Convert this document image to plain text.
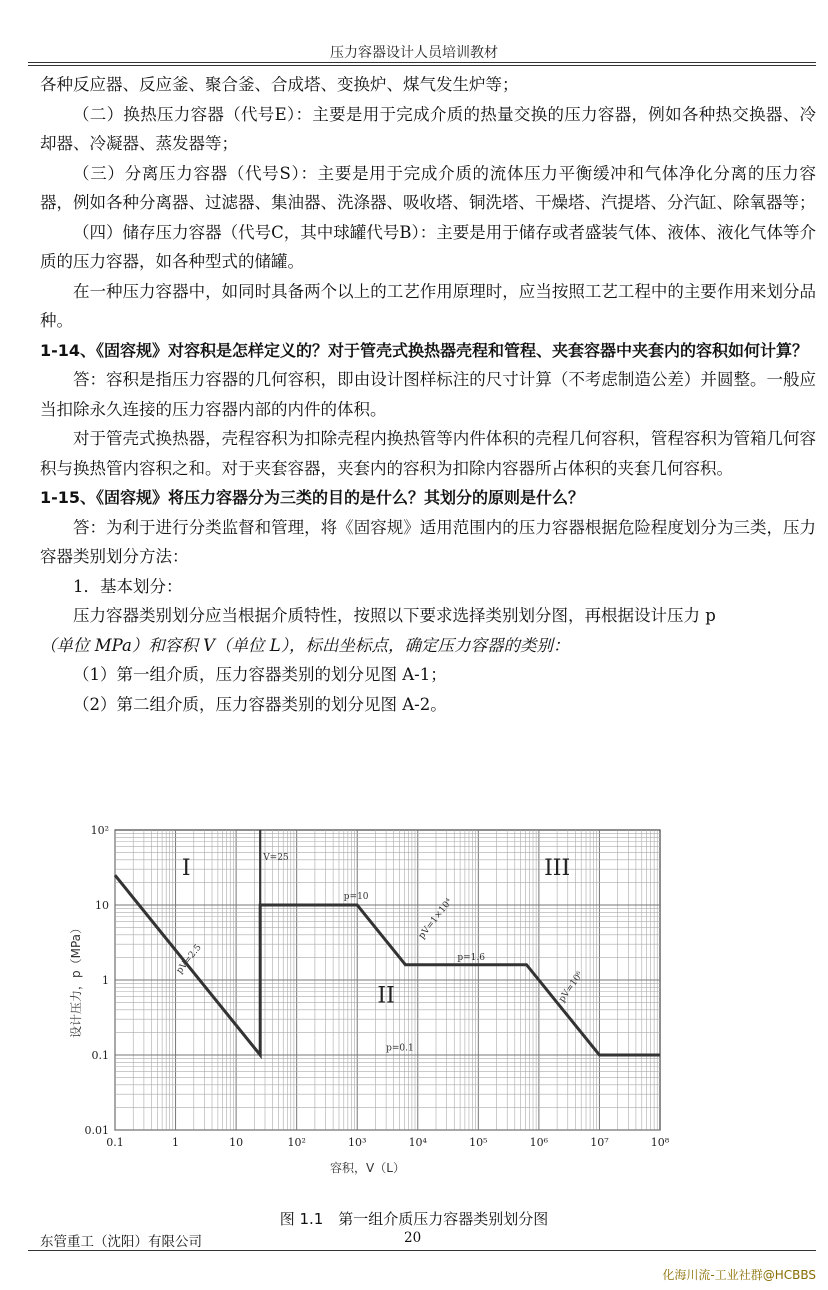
压力容器设计人员培训教材

各种反应器、反应釜、聚合釜、合成塔、变换炉、煤气发生炉等；

（二）换热压力容器（代号E）：主要是用于完成介质的热量交换的压力容器，例如各种热交换器、冷却器、冷凝器、蒸发器等；

（三）分离压力容器（代号S）：主要是用于完成介质的流体压力平衡缓冲和气体净化分离的压力容器，例如各种分离器、过滤器、集油器、洗涤器、吸收塔、铜洗塔、干燥塔、汽提塔、分汽缸、除氧器等；

（四）储存压力容器（代号C，其中球罐代号B）：主要是用于储存或者盛装气体、液体、液化气体等介质的压力容器，如各种型式的储罐。

在一种压力容器中，如同时具备两个以上的工艺作用原理时，应当按照工艺工程中的主要作用来划分品种。

1-14、《固容规》对容积是怎样定义的？对于管壳式换热器壳程和管程、夹套容器中夹套内的容积如何计算？

答：容积是指压力容器的几何容积，即由设计图样标注的尺寸计算（不考虑制造公差）并圆整。一般应当扣除永久连接的压力容器内部的内件的体积。

对于管壳式换热器，壳程容积为扣除壳程内换热管等内件体积的壳程几何容积，管程容积为管箱几何容积与换热管内容积之和。对于夹套容器，夹套内的容积为扣除内容器所占体积的夹套几何容积。

1-15、《固容规》将压力容器分为三类的目的是什么？其划分的原则是什么？

答：为利于进行分类监督和管理，将《固容规》适用范围内的压力容器根据危险程度划分为三类，压力容器类别划分方法：

1．基本划分：

压力容器类别划分应当根据介质特性，按照以下要求选择类别划分图，再根据设计压力 p

（单位 MPa）和容积 V（单位 L），标出坐标点，确定压力容器的类别：

（1）第一组介质，压力容器类别的划分见图 A-1；

（2）第二组介质，压力容器类别的划分见图 A-2。

0.1	1	10	10²	10³	10⁴	10⁵	10⁶	10⁷	10⁸
0.01
0.1
1
10
10²
容积，V（L）
设计压力，p（MPa）
I
II
III
V=25
p=10
pV=2.5
pV=1×10⁴
p=1.6
pV=10⁶
p=0.1
图 1.1　第一组介质压力容器类别划分图
东管重工（沈阳）有限公司	20
化海川流-工业社群@HCBBS
